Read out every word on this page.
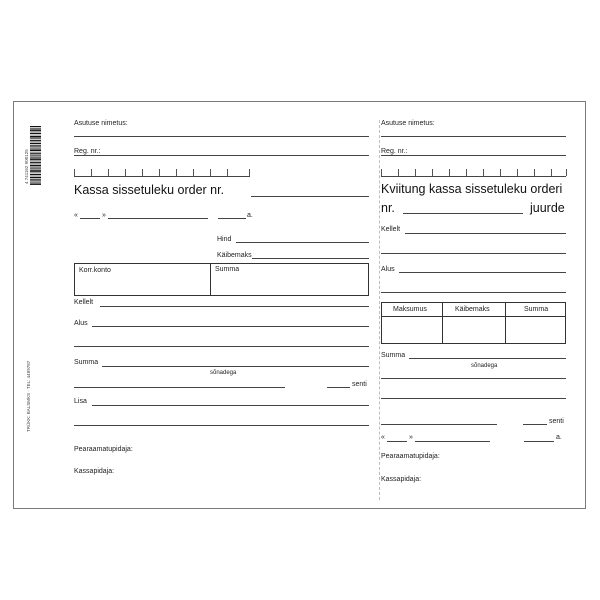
4 741162 900125
TRÜKK: BALSMKS · TEL: 4489787
Asutuse nimetus:
Reg. nr.:
Kassa sissetuleku order nr.
«	»	a.
Hind
Käibemaks
Korr.konto	Summa
Kellelt
Alus
Summa
sõnadega
senti
Lisa
Pearaamatupidaja:
Kassapidaja:
Asutuse nimetus:
Reg. nr.:
Kviitung kassa sissetuleku orderi
nr.	juurde
Kellelt
Alus
Maksumus	Käibemaks	Summa
Summa
sõnadega
senti
«	»	a.
Pearaamatupidaja:
Kassapidaja:
